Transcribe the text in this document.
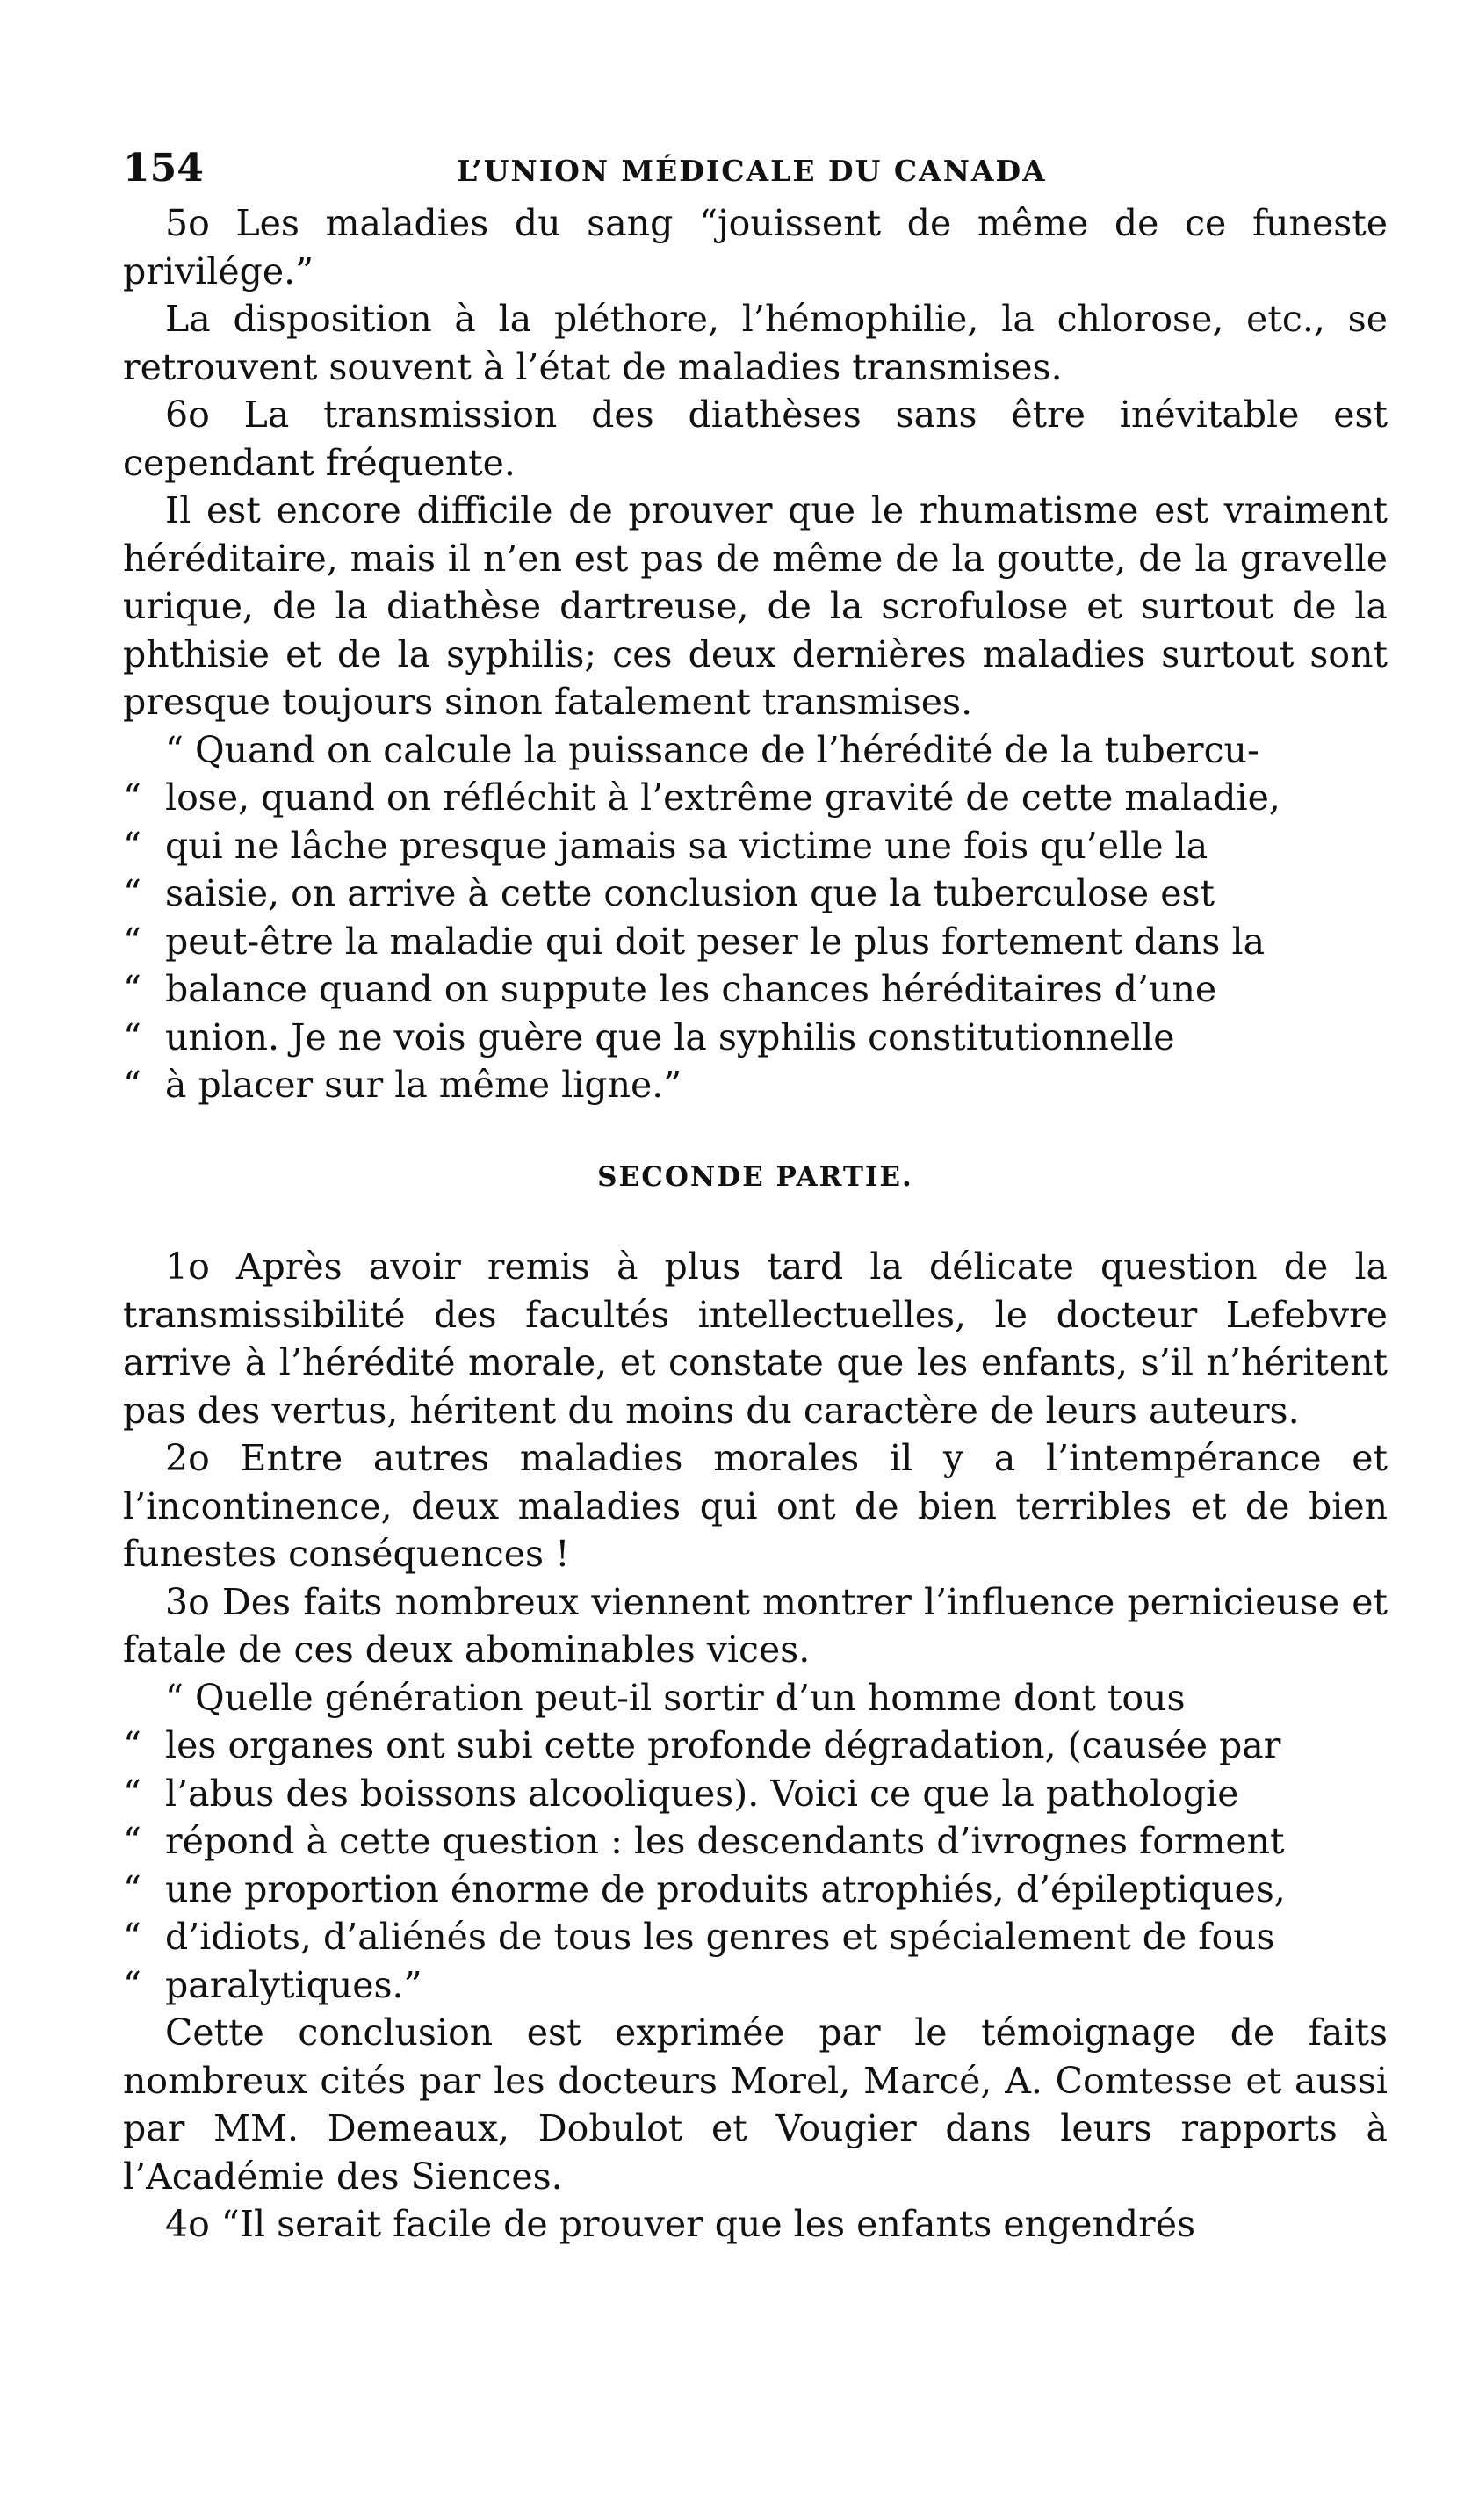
154	L’UNION MÉDICALE DU CANADA

5o Les maladies du sang “jouissent de même de ce funeste privilége.”

La disposition à la pléthore, l’hémophilie, la chlorose, etc., se retrouvent souvent à l’état de maladies transmises.

6o La transmission des diathèses sans être inévitable est cependant fréquente.

Il est encore difficile de prouver que le rhumatisme est vraiment héréditaire, mais il n’en est pas de même de la goutte, de la gravelle urique, de la diathèse dartreuse, de la scrofulose et surtout de la phthisie et de la syphilis; ces deux dernières maladies surtout sont presque toujours sinon fatalement transmises.

“ Quand on calcule la puissance de l’hérédité de la tubercu-

“ lose, quand on réfléchit à l’extrême gravité de cette maladie,

“ qui ne lâche presque jamais sa victime une fois qu’elle la

“ saisie, on arrive à cette conclusion que la tuberculose est

“ peut-être la maladie qui doit peser le plus fortement dans la

“ balance quand on suppute les chances héréditaires d’une

“ union. Je ne vois guère que la syphilis constitutionnelle

“ à placer sur la même ligne.”

SECONDE PARTIE.

1o Après avoir remis à plus tard la délicate question de la transmissibilité des facultés intellectuelles, le docteur Lefebvre arrive à l’hérédité morale, et constate que les enfants, s’il n’héritent pas des vertus, héritent du moins du caractère de leurs auteurs.

2o Entre autres maladies morales il y a l’intempérance et l’incontinence, deux maladies qui ont de bien terribles et de bien funestes conséquences !

3o Des faits nombreux viennent montrer l’influence pernicieuse et fatale de ces deux abominables vices.

“ Quelle génération peut-il sortir d’un homme dont tous

“ les organes ont subi cette profonde dégradation, (causée par

“ l’abus des boissons alcooliques). Voici ce que la pathologie

“ répond à cette question : les descendants d’ivrognes forment

“ une proportion énorme de produits atrophiés, d’épileptiques,

“ d’idiots, d’aliénés de tous les genres et spécialement de fous

“ paralytiques.”

Cette conclusion est exprimée par le témoignage de faits nombreux cités par les docteurs Morel, Marcé, A. Comtesse et aussi par MM. Demeaux, Dobulot et Vougier dans leurs rapports à l’Académie des Siences.

4o “Il serait facile de prouver que les enfants engendrés
